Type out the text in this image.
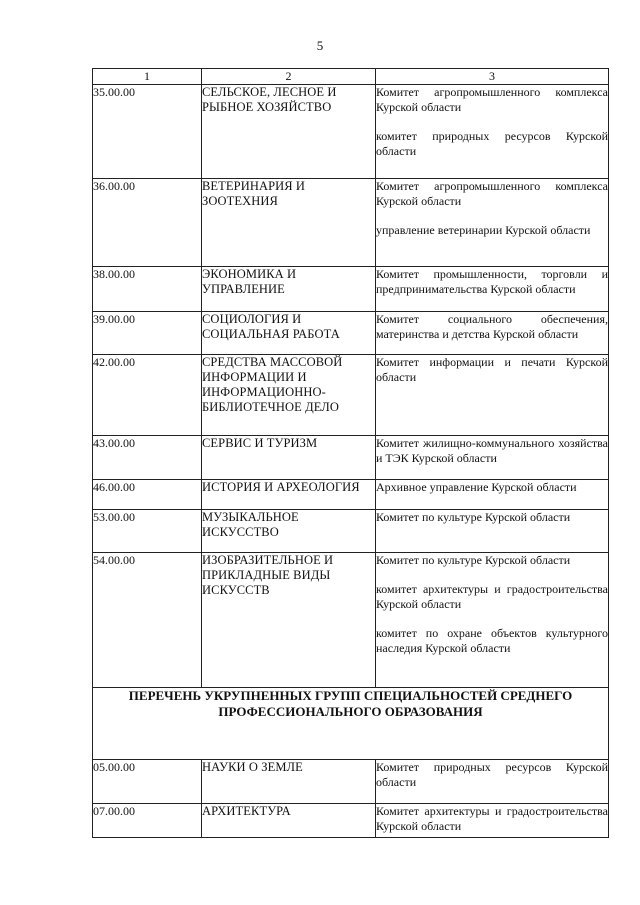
5
1	2	3
35.00.00	СЕЛЬСКОЕ, ЛЕСНОЕ И РЫБНОЕ ХОЗЯЙСТВО	Комитет агропромышленного комплекса Курской области
комитет природных ресурсов Курской области

36.00.00	ВЕТЕРИНАРИЯ И ЗООТЕХНИЯ	Комитет агропромышленного комплекса Курской области
управление ветеринарии Курской области

38.00.00	ЭКОНОМИКА И УПРАВЛЕНИЕ	Комитет промышленности, торговли и предпринимательства Курской области

39.00.00	СОЦИОЛОГИЯ И СОЦИАЛЬНАЯ РАБОТА	Комитет социального обеспечения, материнства и детства Курской области

42.00.00	СРЕДСТВА МАССОВОЙ ИНФОРМАЦИИ И ИНФОРМАЦИОННО-БИБЛИОТЕЧНОЕ ДЕЛО	Комитет информации и печати Курской области

43.00.00	СЕРВИС И ТУРИЗМ	Комитет жилищно-коммунального хозяйства и ТЭК Курской области

46.00.00	ИСТОРИЯ И АРХЕОЛОГИЯ	Архивное управление Курской области

53.00.00	МУЗЫКАЛЬНОЕ ИСКУССТВО	Комитет по культуре Курской области

54.00.00	ИЗОБРАЗИТЕЛЬНОЕ И ПРИКЛАДНЫЕ ВИДЫ ИСКУССТВ	Комитет по культуре Курской области
комитет архитектуры и градостроительства Курской области
комитет по охране объектов культурного наследия Курской области

ПЕРЕЧЕНЬ УКРУПНЕННЫХ ГРУПП СПЕЦИАЛЬНОСТЕЙ СРЕДНЕГО ПРОФЕССИОНАЛЬНОГО ОБРАЗОВАНИЯ		
05.00.00	НАУКИ О ЗЕМЛЕ	Комитет природных ресурсов Курской области

07.00.00	АРХИТЕКТУРА	Комитет архитектуры и градостроительства Курской области
